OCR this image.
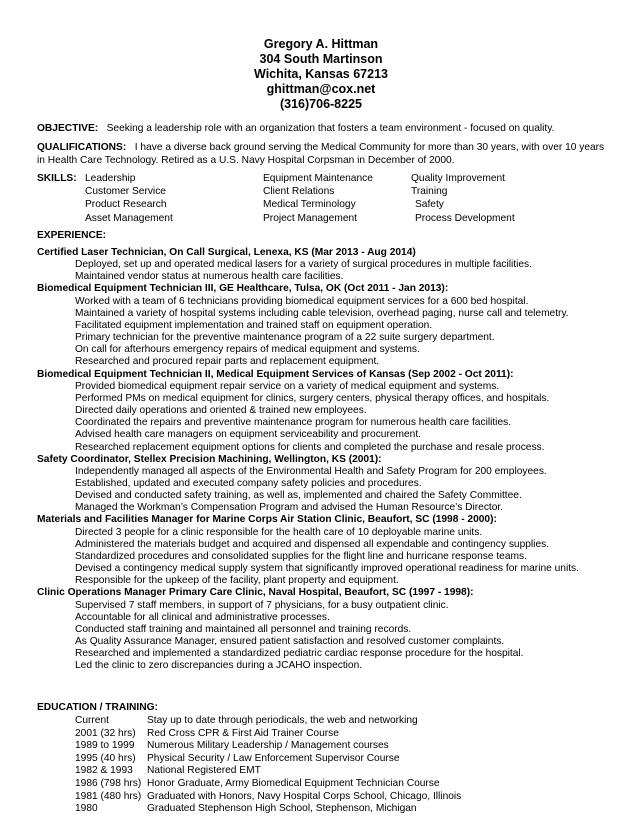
Gregory A. Hittman
304 South Martinson
Wichita, Kansas 67213
ghittman@cox.net
(316)706-8225
OBJECTIVE: Seeking a leadership role with an organization that fosters a team environment - focused on quality.
QUALIFICATIONS: I have a diverse back ground serving the Medical Community for more than 30 years, with over 10 years in Health Care Technology. Retired as a U.S. Navy Hospital Corpsman in December of 2000.
SKILLS: Leadership
Customer Service
Product Research
Asset Management
Equipment Maintenance
Client Relations
Medical Terminology
Project Management
Quality Improvement
Training
Safety
Process Development
EXPERIENCE:
Certified Laser Technician, On Call Surgical, Lenexa, KS (Mar 2013 - Aug 2014)
Deployed, set up and operated medical lasers for a variety of surgical procedures in multiple facilities.
Maintained vendor status at numerous health care facilities.
Biomedical Equipment Technician III, GE Healthcare, Tulsa, OK (Oct 2011 - Jan 2013):
Worked with a team of 6 technicians providing biomedical equipment services for a 600 bed hospital.
Maintained a variety of hospital systems including cable television, overhead paging, nurse call and telemetry.
Facilitated equipment implementation and trained staff on equipment operation.
Primary technician for the preventive maintenance program of a 22 suite surgery department.
On call for afterhours emergency repairs of medical equipment and systems.
Researched and procured repair parts and replacement equipment.
Biomedical Equipment Technician II, Medical Equipment Services of Kansas (Sep 2002 - Oct 2011):
Provided biomedical equipment repair service on a variety of medical equipment and systems.
Performed PMs on medical equipment for clinics, surgery centers, physical therapy offices, and hospitals.
Directed daily operations and oriented & trained new employees.
Coordinated the repairs and preventive maintenance program for numerous health care facilities.
Advised health care managers on equipment serviceability and procurement.
Researched replacement equipment options for clients and completed the purchase and resale process.
Safety Coordinator, Stellex Precision Machining, Wellington, KS (2001):
Independently managed all aspects of the Environmental Health and Safety Program for 200 employees.
Established, updated and executed company safety policies and procedures.
Devised and conducted safety training, as well as, implemented and chaired the Safety Committee.
Managed the Workman’s Compensation Program and advised the Human Resource’s Director.
Materials and Facilities Manager for Marine Corps Air Station Clinic, Beaufort, SC (1998 - 2000):
Directed 3 people for a clinic responsible for the health care of 10 deployable marine units.
Administered the materials budget and acquired and dispensed all expendable and contingency supplies.
Standardized procedures and consolidated supplies for the flight line and hurricane response teams.
Devised a contingency medical supply system that significantly improved operational readiness for marine units.
Responsible for the upkeep of the facility, plant property and equipment.
Clinic Operations Manager Primary Care Clinic, Naval Hospital, Beaufort, SC (1997 - 1998):
Supervised 7 staff members, in support of 7 physicians, for a busy outpatient clinic.
Accountable for all clinical and administrative processes.
Conducted staff training and maintained all personnel and training records.
As Quality Assurance Manager, ensured patient satisfaction and resolved customer complaints.
Researched and implemented a standardized pediatric cardiac response procedure for the hospital.
Led the clinic to zero discrepancies during a JCAHO inspection.
EDUCATION / TRAINING:
Current	Stay up to date through periodicals, the web and networking
2001 (32 hrs) Red Cross CPR & First Aid Trainer Course
1989 to 1999 Numerous Military Leadership / Management courses
1995 (40 hrs) Physical Security / Law Enforcement Supervisor Course
1982 & 1993 National Registered EMT
1986 (798 hrs) Honor Graduate, Army Biomedical Equipment Technician Course
1981 (480 hrs) Graduated with Honors, Navy Hospital Corps School, Chicago, Illinois
1980	Graduated Stephenson High School, Stephenson, Michigan
